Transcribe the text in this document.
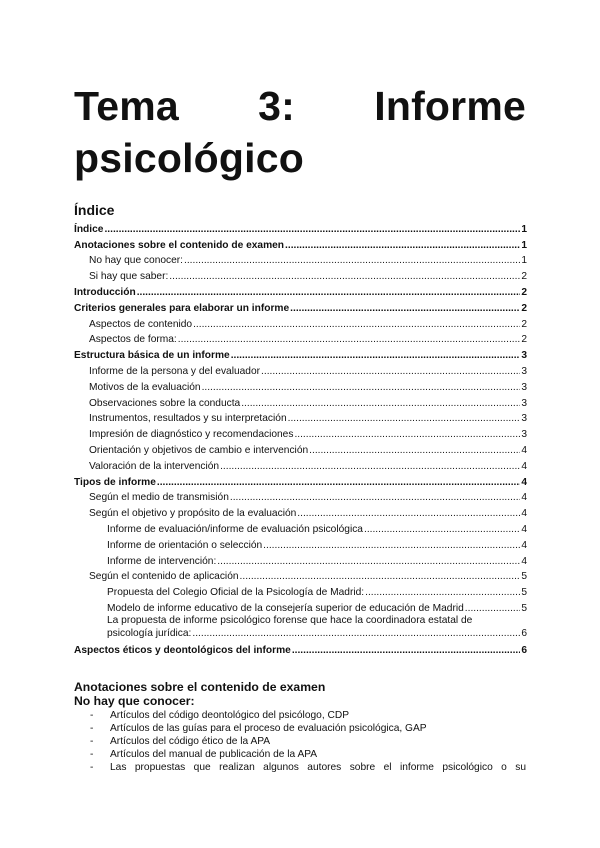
Tema 3: Informe
psicológico
Índice
Índice .....	1
Anotaciones sobre el contenido de examen .....	1
No hay que conocer: .....	1
Si hay que saber: .....	2
Introducción .....	2
Criterios generales para elaborar un informe .....	2
Aspectos de contenido .....	2
Aspectos de forma: .....	2
Estructura básica de un informe .....	3
Informe de la persona y del evaluador .....	3
Motivos de la evaluación .....	3
Observaciones sobre la conducta .....	3
Instrumentos, resultados y su interpretación .....	3
Impresión de diagnóstico y recomendaciones .....	3
Orientación y objetivos de cambio e intervención .....	4
Valoración de la intervención .....	4
Tipos de informe .....	4
Según el medio de transmisión .....	4
Según el objetivo y propósito de la evaluación .....	4
Informe de evaluación/informe de evaluación psicológica .....	4
Informe de orientación o selección .....	4
Informe de intervención: .....	4
Según el contenido de aplicación .....	5
Propuesta del Colegio Oficial de la Psicología de Madrid: .....	5
Modelo de informe educativo de la consejería superior de educación de Madrid .....	5
La propuesta de informe psicológico forense que hace la coordinadora estatal de
psicología jurídica: .....	6
Aspectos éticos y deontológicos del informe .....	6
Anotaciones sobre el contenido de examen
No hay que conocer:
- Artículos del código deontológico del psicólogo, CDP
- Artículos de las guías para el proceso de evaluación psicológica, GAP
- Artículos del código ético de la APA
- Artículos del manual de publicación de la APA
- Las propuestas que realizan algunos autores sobre el informe psicológico o su
